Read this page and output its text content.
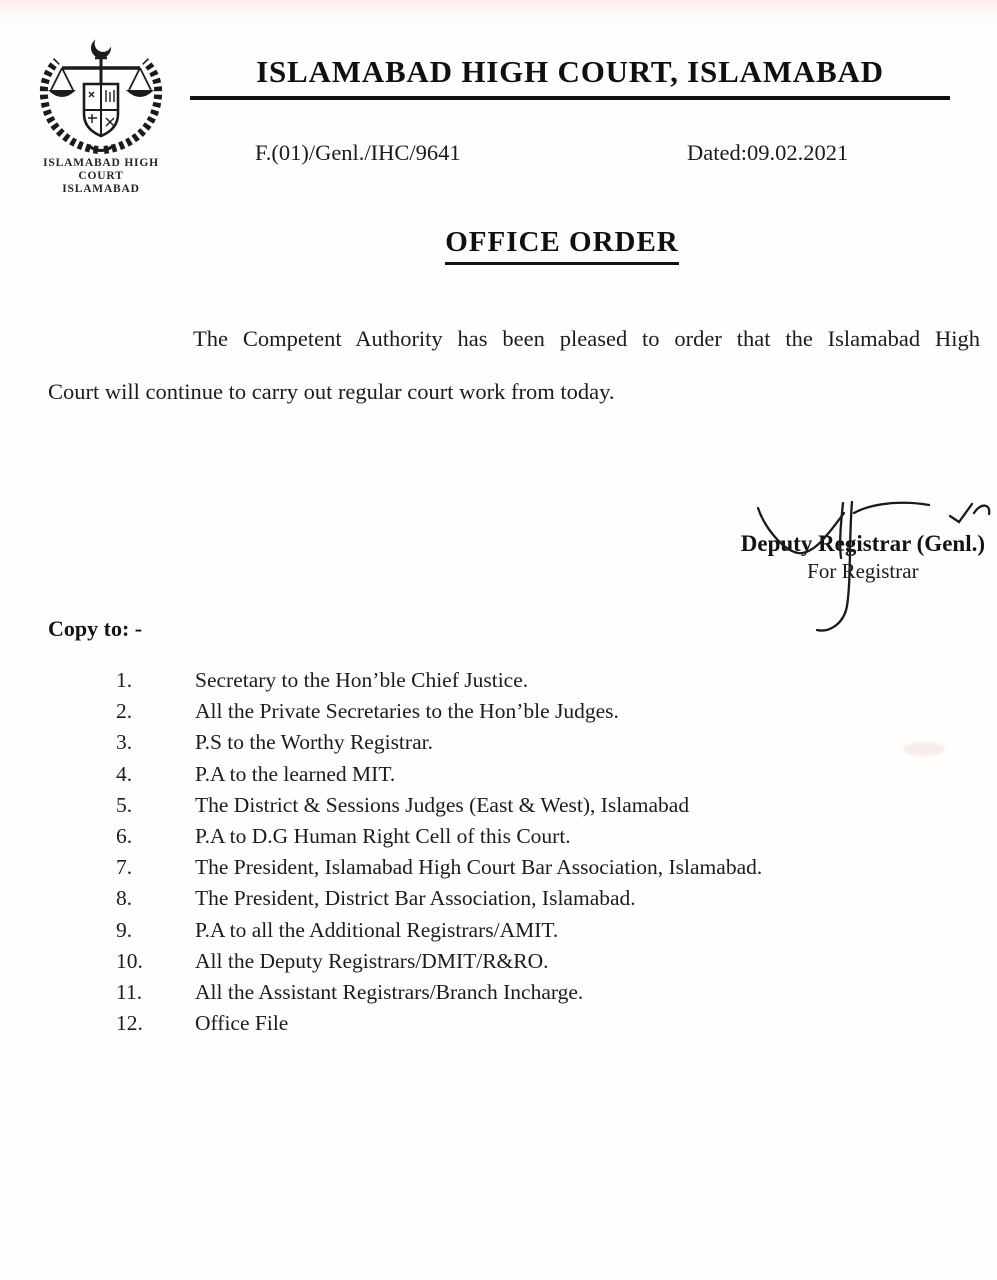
ISLAMABAD HIGH COURT
ISLAMABAD
ISLAMABAD HIGH COURT, ISLAMABAD
F.(01)/Genl./IHC/9641	Dated:09.02.2021
OFFICE ORDER
The Competent Authority has been pleased to order that the Islamabad High
Court will continue to carry out regular court work from today.
Deputy Registrar (Genl.)
For Registrar
Copy to: -
1.	Secretary to the Hon’ble Chief Justice.
2.	All the Private Secretaries to the Hon’ble Judges.
3.	P.S to the Worthy Registrar.
4.	P.A to the learned MIT.
5.	The District & Sessions Judges (East & West), Islamabad
6.	P.A to D.G Human Right Cell of this Court.
7.	The President, Islamabad High Court Bar Association, Islamabad.
8.	The President, District Bar Association, Islamabad.
9.	P.A to all the Additional Registrars/AMIT.
10.	All the Deputy Registrars/DMIT/R&RO.
11.	All the Assistant Registrars/Branch Incharge.
12.	Office File
